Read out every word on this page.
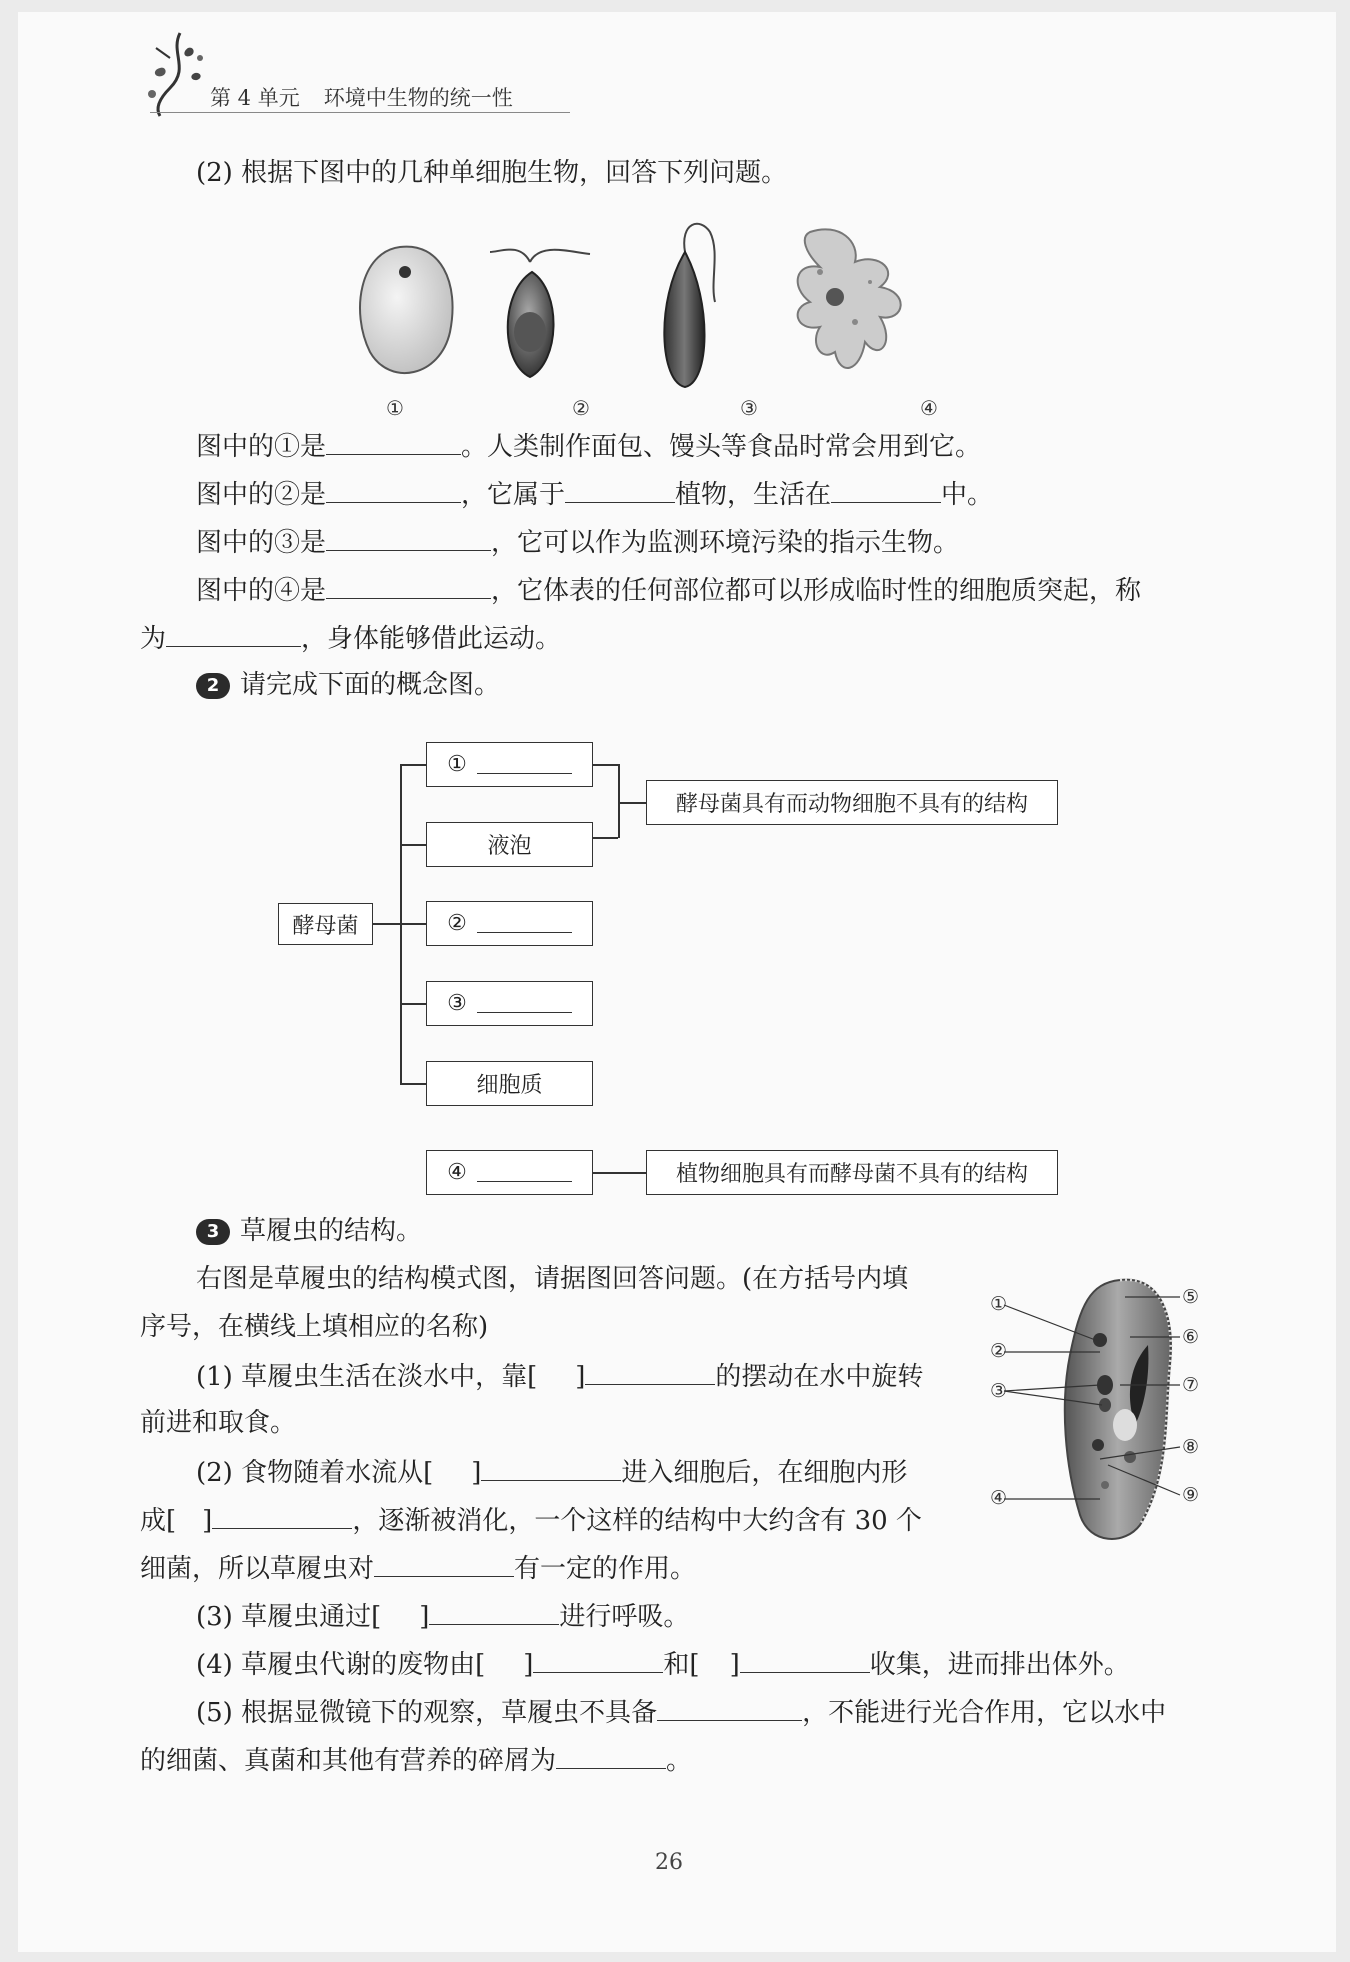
第 4 单元 环境中生物的统一性
(2) 根据下图中的几种单细胞生物，回答下列问题。
①	②	③	④
图中的①是	。人类制作面包、馒头等食品时常会用到它。
图中的②是	，它属于	植物，生活在	中。
图中的③是	，它可以作为监测环境污染的指示生物。
图中的④是	，它体表的任何部位都可以形成临时性的细胞质突起，称
为	，身体能够借此运动。
2 请完成下面的概念图。
酵母菌
①
液泡
②
③
细胞质
④
酵母菌具有而动物细胞不具有的结构
植物细胞具有而酵母菌不具有的结构
3 草履虫的结构。
右图是草履虫的结构模式图，请据图回答问题。(在方括号内填
序号，在横线上填相应的名称)
(1) 草履虫生活在淡水中，靠[ ]	的摆动在水中旋转
前进和取食。
(2) 食物随着水流从[ ]	进入细胞后，在细胞内形
成[ ]	，逐渐被消化，一个这样的结构中大约含有 30 个
细菌，所以草履虫对	有一定的作用。
(3) 草履虫通过[ ]	进行呼吸。
(4) 草履虫代谢的废物由[ ]	和[ ]	收集，进而排出体外。
(5) 根据显微镜下的观察，草履虫不具备	，不能进行光合作用，它以水中
的细菌、真菌和其他有营养的碎屑为	。
①
②
③
④
⑤
⑥
⑦
⑧
⑨
26
